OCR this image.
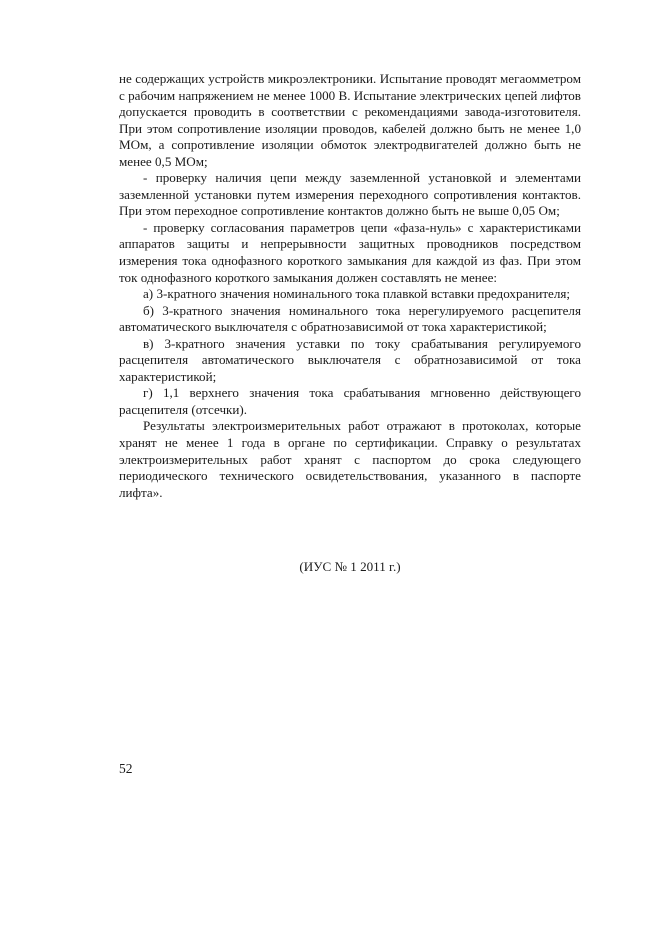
не содержащих устройств микроэлектроники. Испытание проводят мегаомметром с рабочим напряжением не менее 1000 В. Испытание электрических цепей лифтов допускается проводить в соответствии с рекомендациями завода-изготовителя. При этом сопротивление изоляции проводов, кабелей должно быть не менее 1,0 МОм, а сопротивление изоляции обмоток электродвигателей должно быть не менее 0,5 МОм;

- проверку наличия цепи между заземленной установкой и элементами заземленной установки путем измерения переходного сопротивления контактов. При этом переходное сопротивление контактов должно быть не выше 0,05 Ом;

- проверку согласования параметров цепи «фаза-нуль» с характеристиками аппаратов защиты и непрерывности защитных проводников посредством измерения тока однофазного короткого замыкания для каждой из фаз. При этом ток однофазного короткого замыкания должен составлять не менее:

а) 3-кратного значения номинального тока плавкой вставки предохранителя;

б) 3-кратного значения номинального тока нерегулируемого расцепителя автоматического выключателя с обратнозависимой от тока характеристикой;

в) 3-кратного значения уставки по току срабатывания регулируемого расцепителя автоматического выключателя с обратнозависимой от тока характеристикой;

г) 1,1 верхнего значения тока срабатывания мгновенно действующего расцепителя (отсечки).

Результаты электроизмерительных работ отражают в протоколах, которые хранят не менее 1 года в органе по сертификации. Справку о результатах электроизмерительных работ хранят с паспортом до срока следующего периодического технического освидетельствования, указанного в паспорте лифта».

(ИУС № 1 2011 г.)
52
